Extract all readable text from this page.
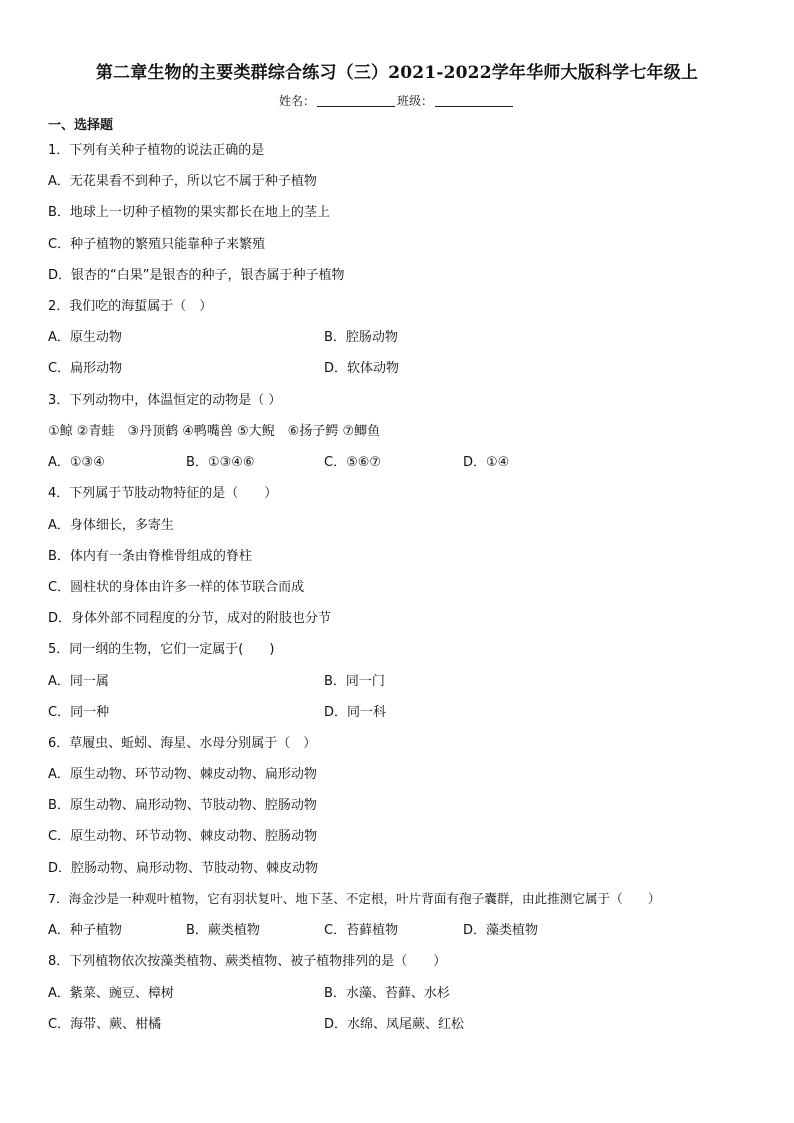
第二章生物的主要类群综合练习（三）2021-2022学年华师大版科学七年级上
姓名：	班级：
一、选择题
1．下列有关种子植物的说法正确的是
A．无花果看不到种子，所以它不属于种子植物
B．地球上一切种子植物的果实都长在地上的茎上
C．种子植物的繁殖只能靠种子来繁殖
D．银杏的“白果”是银杏的种子，银杏属于种子植物
2．我们吃的海蜇属于（　）
A．原生动物	B．腔肠动物
C．扁形动物	D．软体动物
3．下列动物中，体温恒定的动物是（ ）
①鲸 ②青蛙　③丹顶鹤 ④鸭嘴兽 ⑤大鲵　⑥扬子鳄 ⑦鲫鱼
A．①③④	B．①③④⑥	C．⑤⑥⑦	D．①④
4．下列属于节肢动物特征的是（　　）
A．身体细长，多寄生
B．体内有一条由脊椎骨组成的脊柱
C．圆柱状的身体由许多一样的体节联合而成
D．身体外部不同程度的分节，成对的附肢也分节
5．同一纲的生物，它们一定属于(　　)
A．同一属	B．同一门
C．同一种	D．同一科
6．草履虫、蚯蚓、海星、水母分别属于（　）
A．原生动物、环节动物、棘皮动物、扁形动物
B．原生动物、扁形动物、节肢动物、腔肠动物
C．原生动物、环节动物、棘皮动物、腔肠动物
D．腔肠动物、扁形动物、节肢动物、棘皮动物
7．海金沙是一种观叶植物，它有羽状复叶、地下茎、不定根，叶片背面有孢子囊群，由此推测它属于（　　）
A．种子植物	B．蕨类植物	C．苔藓植物	D．藻类植物
8．下列植物依次按藻类植物、蕨类植物、被子植物排列的是（　　）
A．紫菜、豌豆、樟树	B．水藻、苔藓、水杉
C．海带、蕨、柑橘	D．水绵、凤尾蕨、红松
